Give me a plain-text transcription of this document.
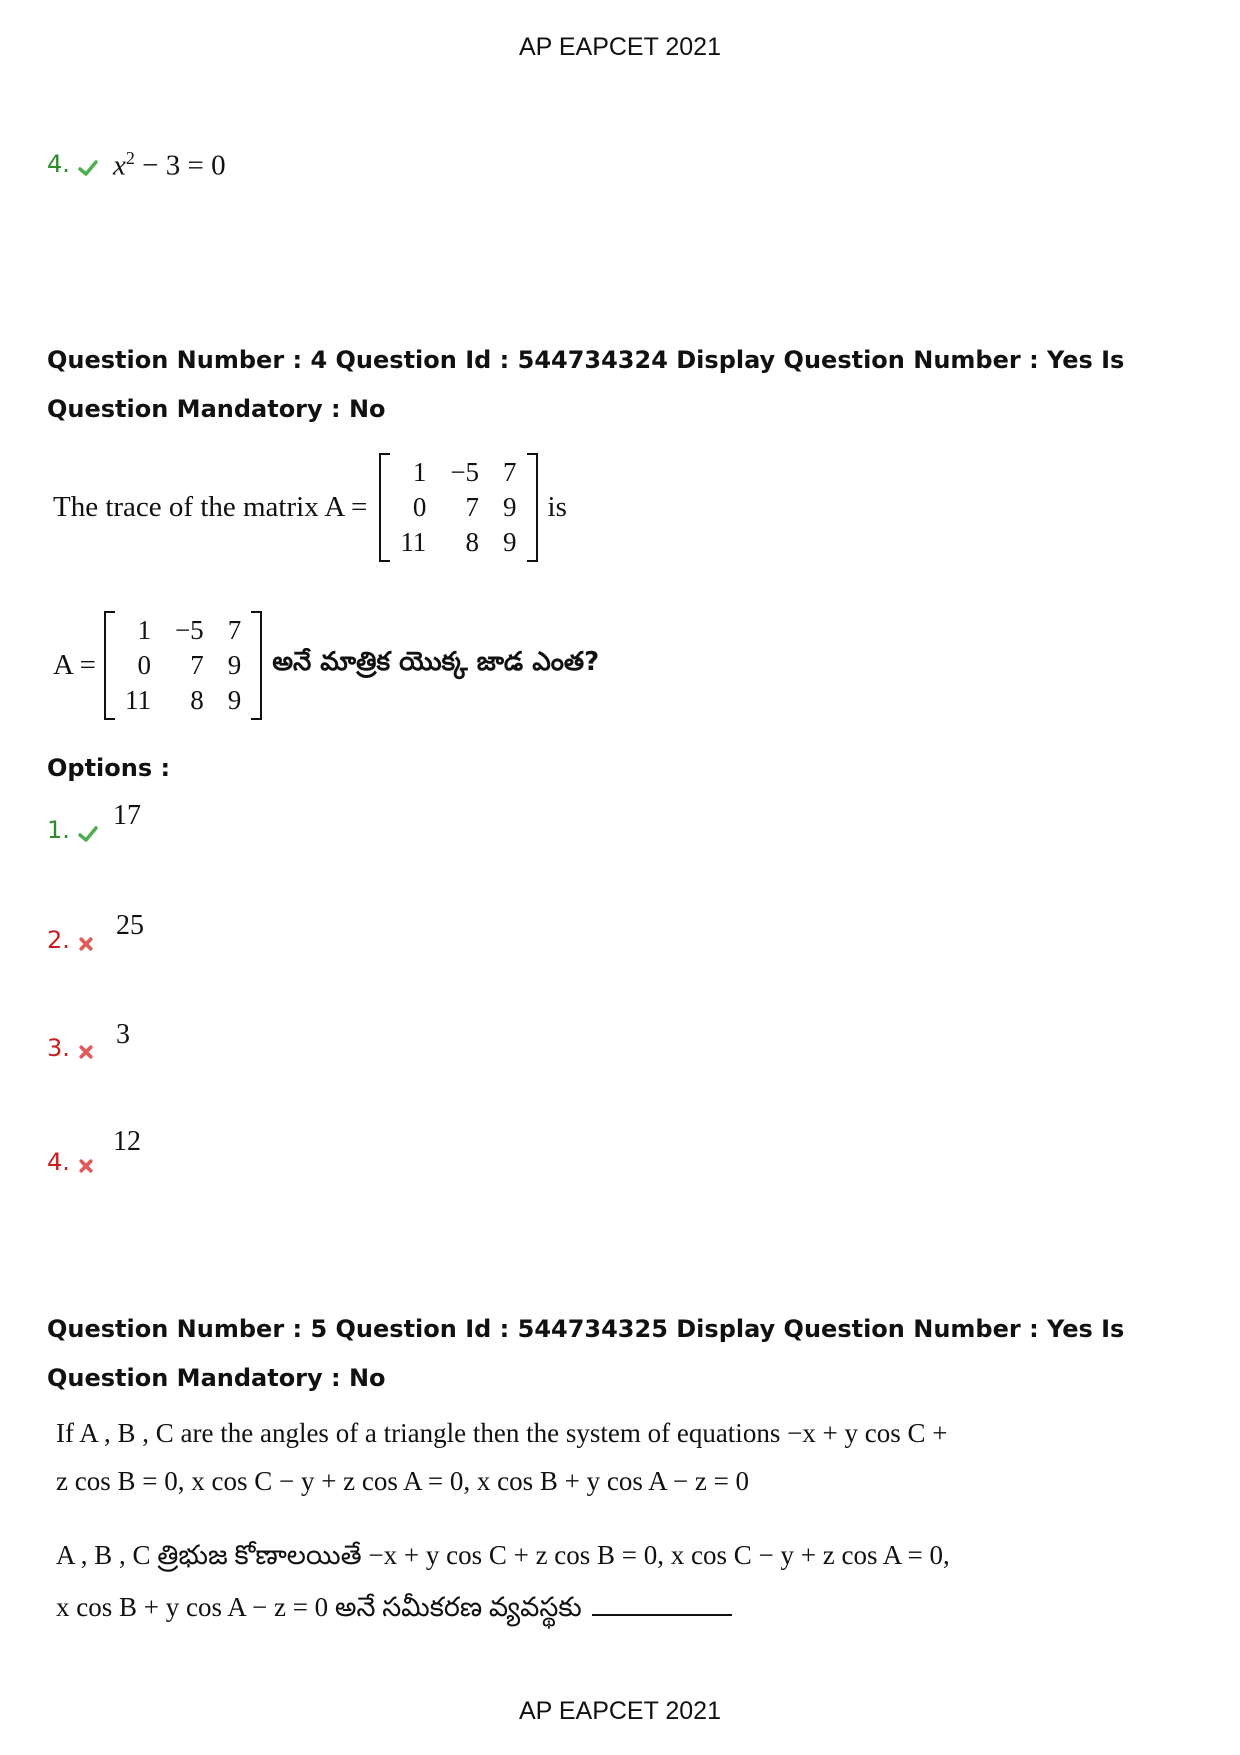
AP EAPCET 2021
4.	$x^2 - 3 = 0$
Question Number : 4 Question Id : 544734324 Display Question Number : Yes Is Question Mandatory : No
The trace of the matrix A =
1 −5 7
0	7 9
11	8 9
is
A =
1 −5 7
0	7 9
11	8 9
అనే మాత్రిక యొక్క జాడ ఎంత?
Options :
1.	17
2.	25
3.	3
4.
12
Question Number : 5 Question Id : 544734325 Display Question Number : Yes Is Question Mandatory : No
If A , B , C are the angles of a triangle then the system of equations −x + y cos C +
z cos B = 0, x cos C − y + z cos A = 0, x cos B + y cos A − z = 0
A , B , C త్రిభుజ కోణాలయితే −x + y cos C + z cos B = 0, x cos C − y + z cos A = 0,
x cos B + y cos A − z = 0 అనే సమీకరణ వ్యవస్థకు
AP EAPCET 2021
